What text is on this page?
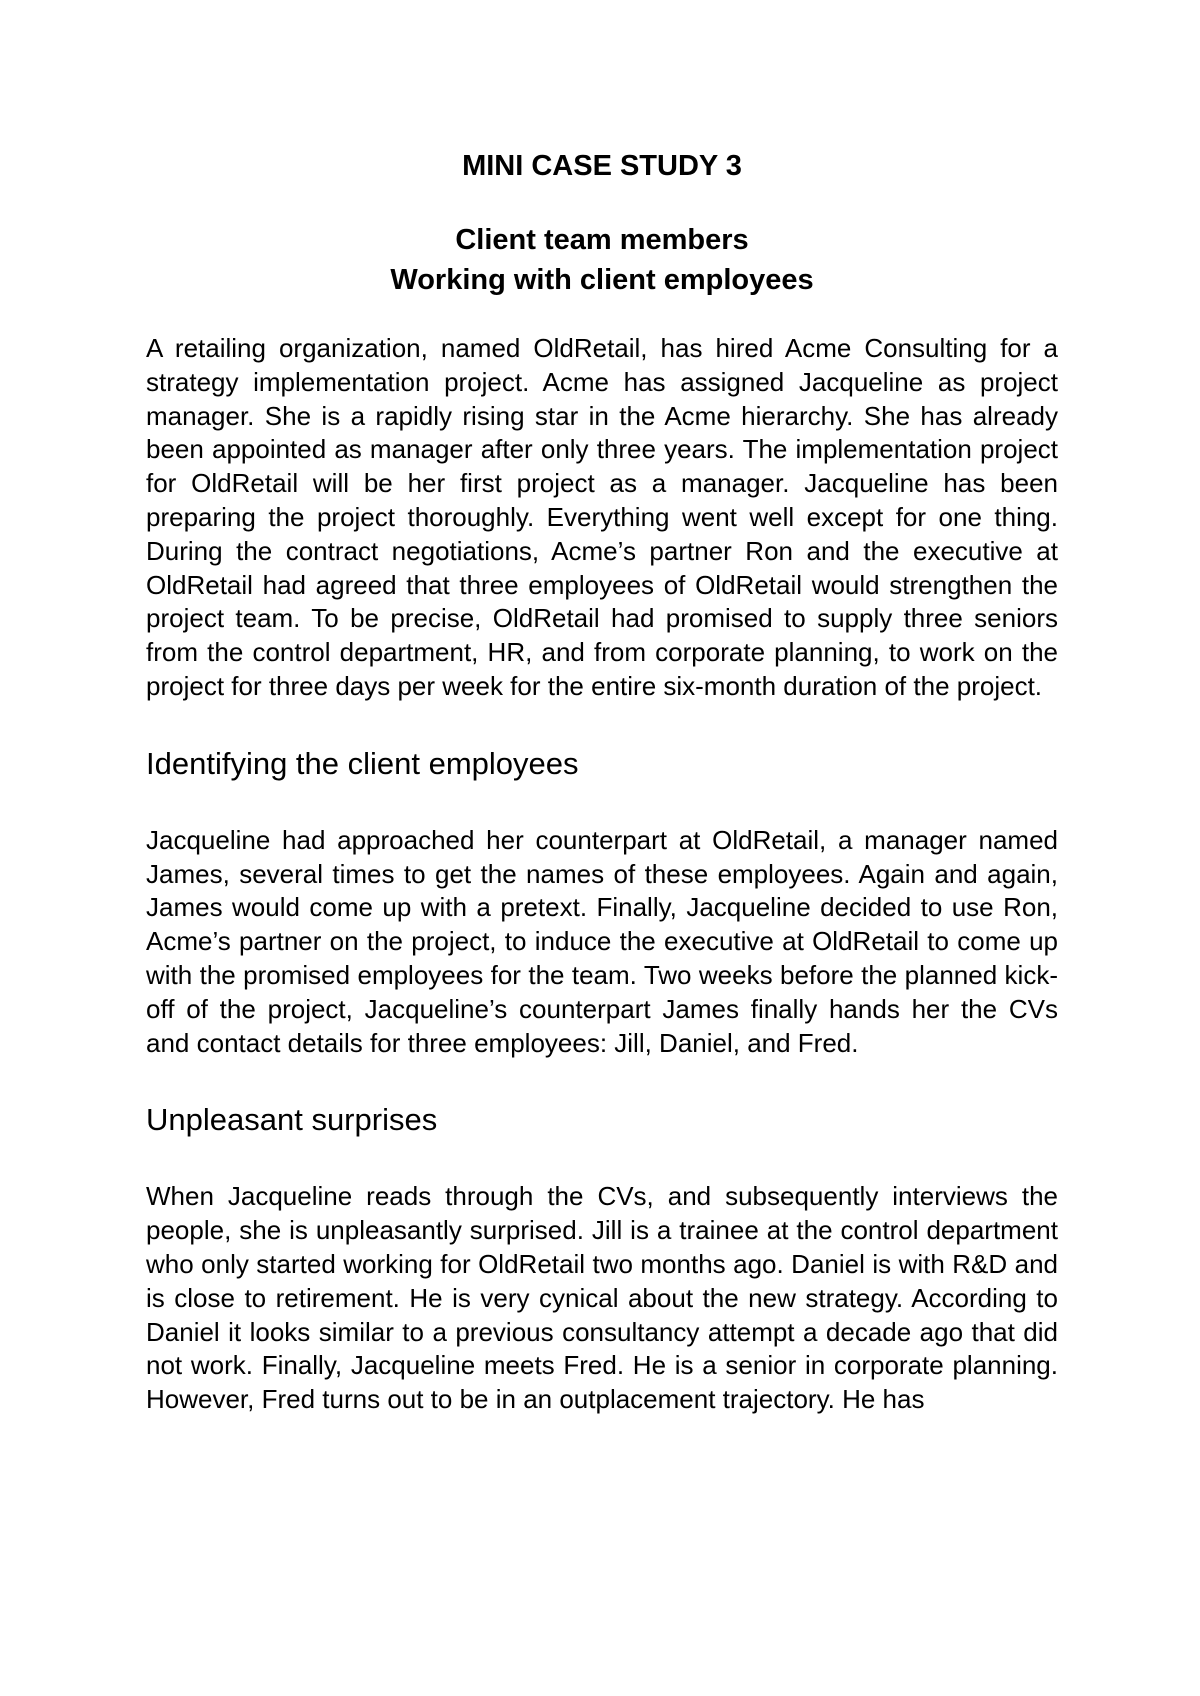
MINI CASE STUDY 3
Client team members
Working with client employees

A retailing organization, named OldRetail, has hired Acme Consulting for a strategy implementation project. Acme has assigned Jacqueline as project manager. She is a rapidly rising star in the Acme hierarchy. She has already been appointed as manager after only three years. The implementation project for OldRetail will be her first project as a manager. Jacqueline has been preparing the project thoroughly. Everything went well except for one thing. During the contract negotiations, Acme’s partner Ron and the executive at OldRetail had agreed that three employees of OldRetail would strengthen the project team. To be precise, OldRetail had promised to supply three seniors from the control department, HR, and from corporate planning, to work on the project for three days per week for the entire six-month duration of the project.

Identifying the client employees

Jacqueline had approached her counterpart at OldRetail, a manager named James, several times to get the names of these employees. Again and again, James would come up with a pretext. Finally, Jacqueline decided to use Ron, Acme’s partner on the project, to induce the executive at OldRetail to come up with the promised employees for the team. Two weeks before the planned kick-off of the project, Jacqueline’s counterpart James finally hands her the CVs and contact details for three employees: Jill, Daniel, and Fred.

Unpleasant surprises

When Jacqueline reads through the CVs, and subsequently interviews the people, she is unpleasantly surprised. Jill is a trainee at the control department who only started working for OldRetail two months ago. Daniel is with R&D and is close to retirement. He is very cynical about the new strategy. According to Daniel it looks similar to a previous consultancy attempt a decade ago that did not work. Finally, Jacqueline meets Fred. He is a senior in corporate planning. However, Fred turns out to be in an outplacement trajectory. He has
